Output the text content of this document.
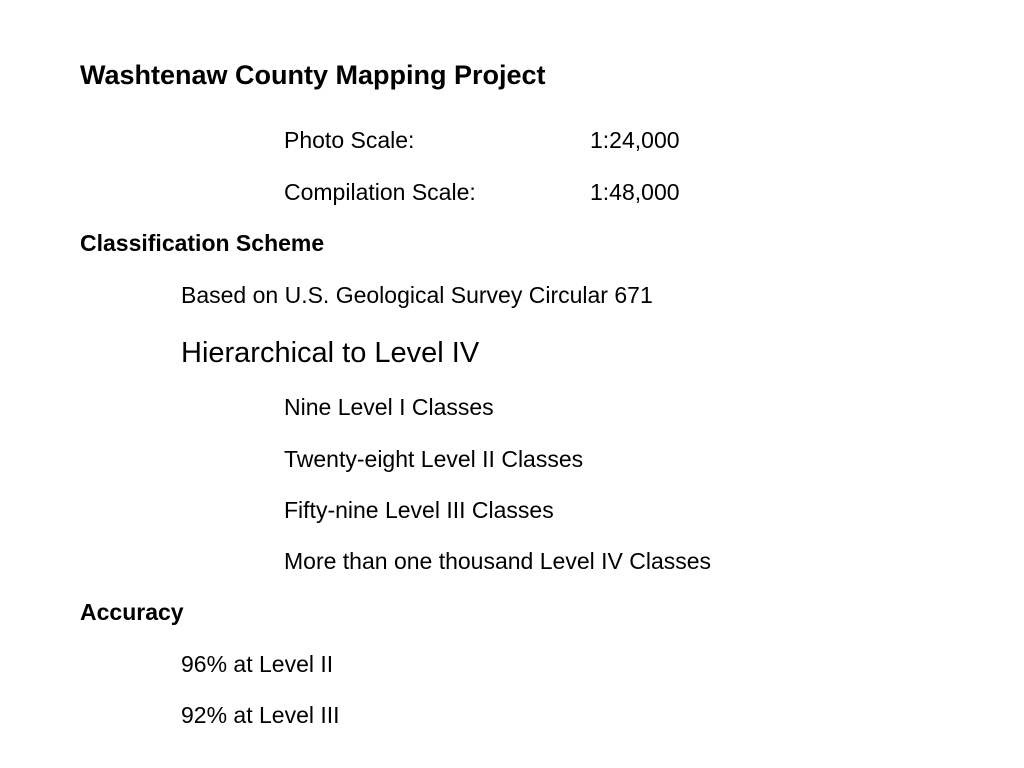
Washtenaw County Mapping Project
Photo Scale:	1:24,000
Compilation Scale:	1:48,000
Classification Scheme
Based on U.S. Geological Survey Circular 671
Hierarchical to Level IV
Nine Level I Classes
Twenty-eight Level II Classes
Fifty-nine Level III Classes
More than one thousand Level IV Classes
Accuracy
96% at Level II
92% at Level III
